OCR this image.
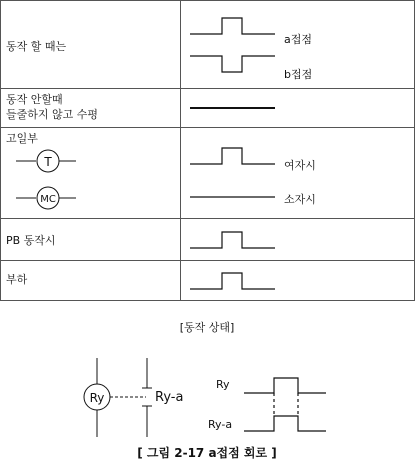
T
MC
Ry
동작 할 때는
a접점
b접점
동작 안할때
들줄하지 않고 수평
고일부
여자시
소자시
PB 동작시
부하
[동작 상태]
Ry-a
Ry
Ry-a
[ 그림 2-17 a접점 회로 ]
